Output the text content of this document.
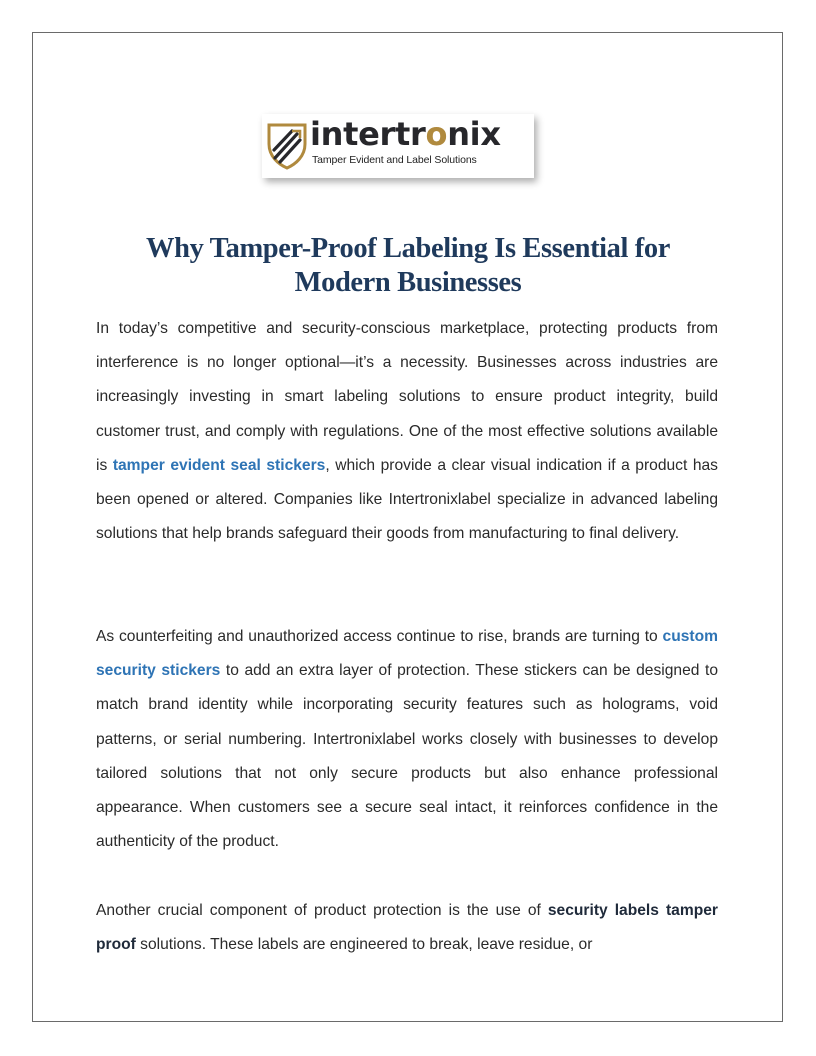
intertronix
Tamper Evident and Label Solutions
Why Tamper-Proof Labeling Is Essential for Modern Businesses

In today’s competitive and security-conscious marketplace, protecting products from interference is no longer optional—it’s a necessity. Businesses across industries are increasingly investing in smart labeling solutions to ensure product integrity, build customer trust, and comply with regulations. One of the most effective solutions available is tamper evident seal stickers, which provide a clear visual indication if a product has been opened or altered. Companies like Intertronixlabel specialize in advanced labeling solutions that help brands safeguard their goods from manufacturing to final delivery.

As counterfeiting and unauthorized access continue to rise, brands are turning to custom security stickers to add an extra layer of protection. These stickers can be designed to match brand identity while incorporating security features such as holograms, void patterns, or serial numbering. Intertronixlabel works closely with businesses to develop tailored solutions that not only secure products but also enhance professional appearance. When customers see a secure seal intact, it reinforces confidence in the authenticity of the product.

Another crucial component of product protection is the use of security labels tamper proof solutions. These labels are engineered to break, leave residue, or
